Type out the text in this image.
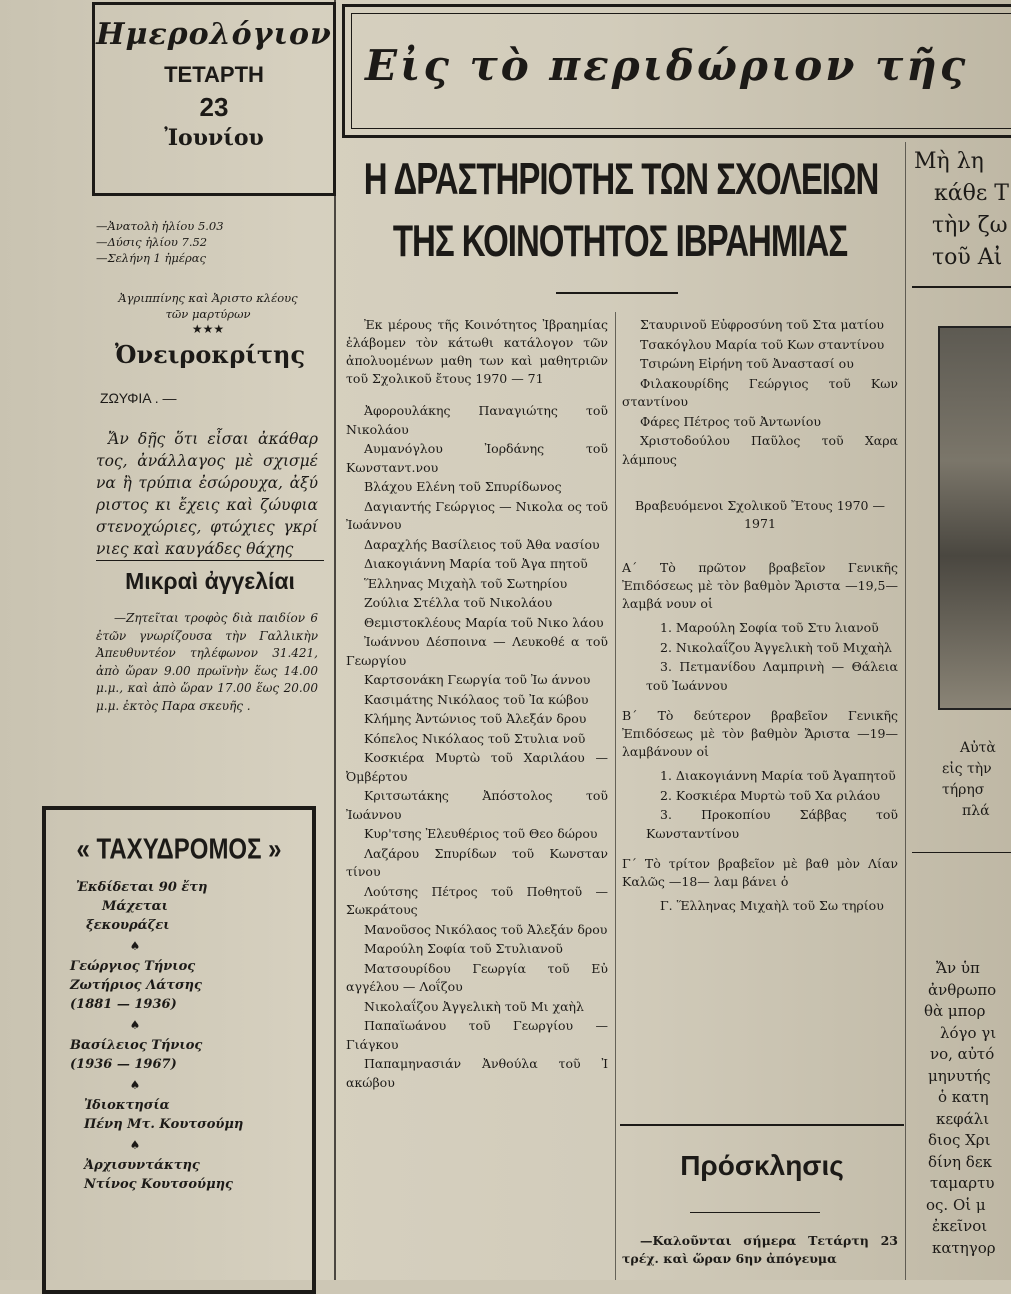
Ημερολόγιον
ΤΕΤΑΡΤΗ
23
Ἰουνίου

—Ἀνατολὴ ἡλίου 5.03

—Δύσις ἡλίου 7.52

—Σελήνη 1 ἡμέρας

Ἀγριππίνης καὶ Ἀριστο κλέους τῶν μαρτύρων

★★★
Ὀνειροκρίτης
ΖΩΥΦΙΑ . —
Ἄν δῇς ὅτι εἶσαι ἀκάθαρ τος, ἀνάλλαγος μὲ σχισμέ να ἢ τρύπια ἐσώρουχα, ἀξύ ριστος κι ἔχεις καὶ ζώυφια στενοχώριες, φτώχιες γκρί νιες καὶ καυγάδες θάχης
Μικραὶ ἀγγελίαι
—Ζητεῖται τροφὸς διὰ παιδίον 6 ἐτῶν γνωρίζουσα τὴν Γαλλικὴν Ἀπευθυντέον τηλέφωνον 31.421, ἀπὸ ὥραν 9.00 πρωϊνὴν ἕως 14.00 μ.μ., καὶ ἀπὸ ὥραν 17.00 ἕως 20.00 μ.μ. ἐκτὸς Παρα σκευῆς .
« ΤΑΧΥΔΡΟΜΟΣ »

Ἐκδίδεται 90 ἔτη

Μάχεται

ξεκουράζει

♠

Γεώργιος Τήνιος

Ζωτήριος Λάτσης

(1881 — 1936)

♠

Βασίλειος Τήνιος

(1936 — 1967)

♠

Ἰδιοκτησία

Πένη Μτ. Κουτσούμη

♠

Ἀρχισυντάκτης

Ντίνος Κουτσούμης

Εἰς τὸ περιδώριον τῆς
Η ΔΡΑΣΤΗΡΙΟΤΗΣ ΤΩΝ ΣΧΟΛΕΙΩΝ
ΤΗΣ ΚΟΙΝΟΤΗΤΟΣ ΙΒΡΑΗΜΙΑΣ

Ἐκ μέρους τῆς Κοινότητος Ἰβραημίας ἐλάβομεν τὸν κάτωθι κατάλογον τῶν ἀπολυομένων μαθη των καὶ μαθητριῶν τοῦ Σχολικοῦ ἔτους 1970 — 71

Ἀφορουλάκης Παναγιώτης τοῦ Νικολάου

Αυμανόγλου Ἰορδάνης τοῦ Κωνσταντ.νου

Βλάχου Ελένη τοῦ Σπυρίδωνος

Δαγιαντής Γεώργιος — Νικολα ος τοῦ Ἰωάννου

Δαραχλής Βασίλειος τοῦ Ἀθα νασίου

Διακογιάννη Μαρία τοῦ Ἀγα πητοῦ

Ἕλληνας Μιχαὴλ τοῦ Σωτηρίου

Ζούλια Στέλλα τοῦ Νικολάου

Θεμιστοκλέους Μαρία τοῦ Νικο λάου

Ἰωάννου Δέσποινα — Λευκοθέ α τοῦ Γεωργίου

Καρτσονάκη Γεωργία τοῦ Ἰω άννου

Κασιμάτης Νικόλαος τοῦ Ἰα κώβου

Κλήμης Ἀντώνιος τοῦ Ἀλεξάν δρου

Κόπελος Νικόλαος τοῦ Στυλια νοῦ

Κοσκιέρα Μυρτὼ τοῦ Χαριλάου — Ὀμβέρτου

Κριτσωτάκης Ἀπόστολος τοῦ Ἰωάννου

Κυρ'τσης Ἐλευθέριος τοῦ Θεο δώρου

Λαζάρου Σπυρίδων τοῦ Κωνσταν τίνου

Λούτσης Πέτρος τοῦ Ποθητοῦ — Σωκράτους

Μανοῦσος Νικόλαος τοῦ Ἀλεξάν δρου

Μαρούλη Σοφία τοῦ Στυλιανοῦ

Ματσουρίδου Γεωργία τοῦ Εὐ αγγέλου — Λοΐζου

Νικολαΐζου Ἀγγελικὴ τοῦ Μι χαὴλ

Παπαϊωάνου τοῦ Γεωργίου — Γιάγκου

Παπαμηνασιάν Ἀνθούλα τοῦ Ἰ ακώβου

Σταυρινοῦ Εὐφροσύνη τοῦ Στα ματίου

Τσακόγλου Μαρία τοῦ Κων σταντίνου

Τσιρώνη Εἰρήνη τοῦ Ἀναστασί ου

Φιλακουρίδης Γεώργιος τοῦ Κων σταντίνου

Φάρες Πέτρος τοῦ Ἀντωνίου

Χριστοδούλου Παῦλος τοῦ Χαρα λάμπους

Βραβευόμενοι Σχολικοῦ Ἔτους 1970 — 1971

Α΄ Τὸ πρῶτον βραβεῖον Γενικῆς Ἐπιδόσεως μὲ τὸν βαθμὸν Ἄριστα —19,5— λαμβά νουν οἱ

1. Μαρούλη Σοφία τοῦ Στυ λιανοῦ

2. Νικολαΐζου Ἀγγελικὴ τοῦ Μιχαὴλ

3. Πετμανίδου Λαμπρινὴ — Θάλεια τοῦ Ἰωάννου

Β΄ Τὸ δεύτερον βραβεῖον Γενικῆς Ἐπιδόσεως μὲ τὸν βαθμὸν Ἄριστα —19— λαμβάνουν οἱ

1. Διακογιάννη Μαρία τοῦ Ἀγαπητοῦ

2. Κοσκιέρα Μυρτὼ τοῦ Χα ριλάου

3. Προκοπίου Σάββας τοῦ Κωνσταντίνου

Γ΄ Τὸ τρίτον βραβεῖον μὲ βαθ μὸν Λίαν Καλῶς —18— λαμ βάνει ὁ

Γ. Ἕλληνας Μιχαὴλ τοῦ Σω τηρίου

Πρόσκλησις
—Καλοῦνται σήμερα Τετάρτη 23 τρέχ. καὶ ὥραν 6ην ἀπόγευμα
Μὴ λη
κάθε Τ
τὴν ζω
τοῦ Αἰ
Αὐτὰ
εἰς τὴν
τήρησ
πλά
Ἄν ὑπ
ἀνθρωπο
θὰ μπορ
λόγο γι
νο, αὐτό
μηνυτής
ὁ κατη
κεφάλι
διος Χρι
δίνη δεκ
ταμαρτυ
ος. Οἱ μ
ἐκεῖνοι
κατηγορ
